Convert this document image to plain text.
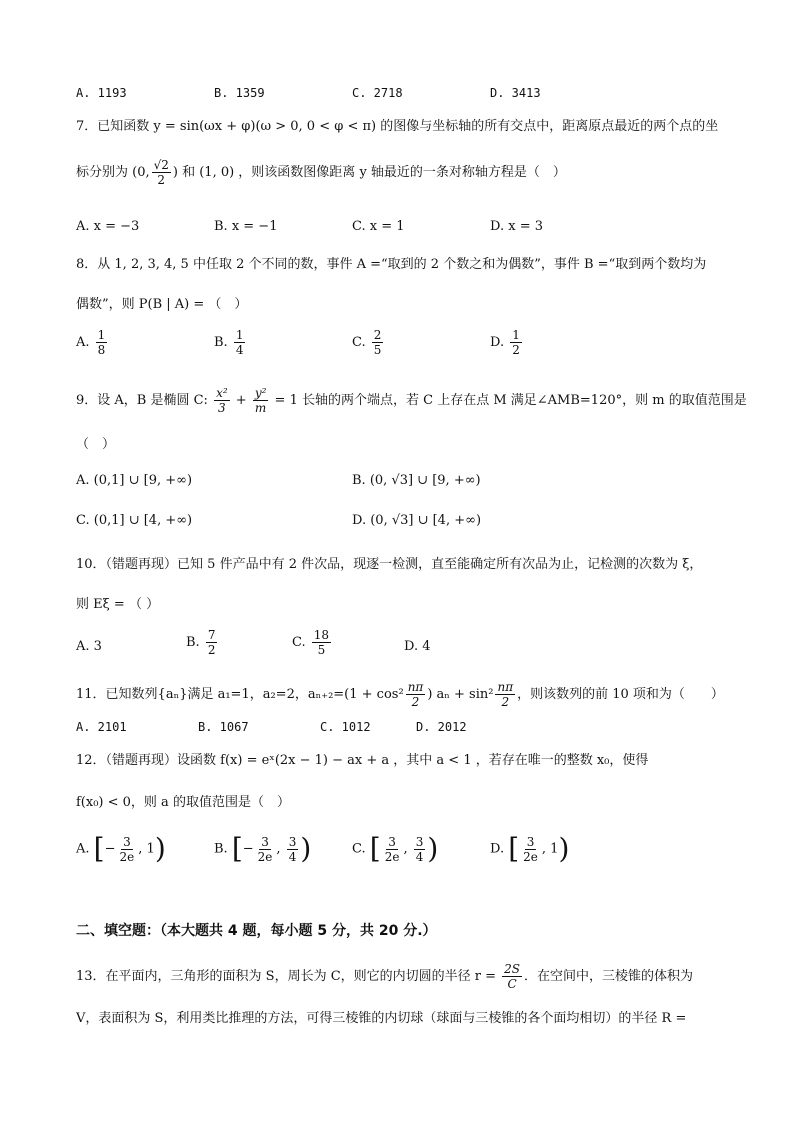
A. 1193	B. 1359	C. 2718	D. 3413
7．已知函数 y = sin(ωx + φ)(ω > 0, 0 < φ < π) 的图像与坐标轴的所有交点中，距离原点最近的两个点的坐
标分别为 (0, $\frac{√2}{2}$ ) 和 (1, 0) ，则该函数图像距离 y 轴最近的一条对称轴方程是（　）
A. x = −3	B. x = −1	C. x = 1	D. x = 3
8．从 1, 2, 3, 4, 5 中任取 2 个不同的数，事件 A =“取到的 2 个数之和为偶数”，事件 B =“取到两个数均为
偶数”，则 P(B | A) = （　）
A. $\frac{1}{8}$	B. $\frac{1}{4}$	C. $\frac{2}{5}$	D. $\frac{1}{2}$
9．设 A，B 是椭圆 C: $\frac{\text{x²}}{3} + \frac{\text{y²}}{m} = 1$ 长轴的两个端点，若 C 上存在点 M 满足∠AMB=120°，则 m 的取值范围是
（　）
A. (0,1] ∪ [9, +∞)	B. (0, √3] ∪ [9, +∞)
C. (0,1] ∪ [4, +∞)	D. (0, √3] ∪ [4, +∞)
10．（错题再现）已知 5 件产品中有 2 件次品，现逐一检测，直至能确定所有次品为止，记检测的次数为 ξ，
则 Eξ = （ ）
A. 3	B. $\frac{7}{2}$	C. $\frac{18}{5}$	D. 4
11．已知数列{aₙ}满足 a₁=1，a₂=2，$a_{n+2}=(1 + \cos^2 \frac{n\pi}{2}$ ) $a_n + \sin^2 \frac{n\pi}{2}$ ，则该数列的前 10 项和为（　　）
A. 2101	B. 1067	C. 1012	D. 2012
12．（错题再现）设函数 f(x) = eˣ(2x − 1) − ax + a ，其中 a < 1 ，若存在唯一的整数 x₀，使得
f(x₀) < 0，则 a 的取值范围是（　）
A. [− $\frac{3}{2e}$ , 1)	B. [− $\frac{3}{2e}$ , $\frac{3}{4}$ )	C. [ $\frac{3}{2e}$ , $\frac{3}{4}$ )	D. [ $\frac{3}{2e}$ , 1)
二、填空题：（本大题共 4 题，每小题 5 分，共 20 分.）
13．在平面内，三角形的面积为 S，周长为 C，则它的内切圆的半径 $r = \frac{2S}{C}$ ．在空间中，三棱锥的体积为
V，表面积为 S，利用类比推理的方法，可得三棱锥的内切球（球面与三棱锥的各个面均相切）的半径 R =
